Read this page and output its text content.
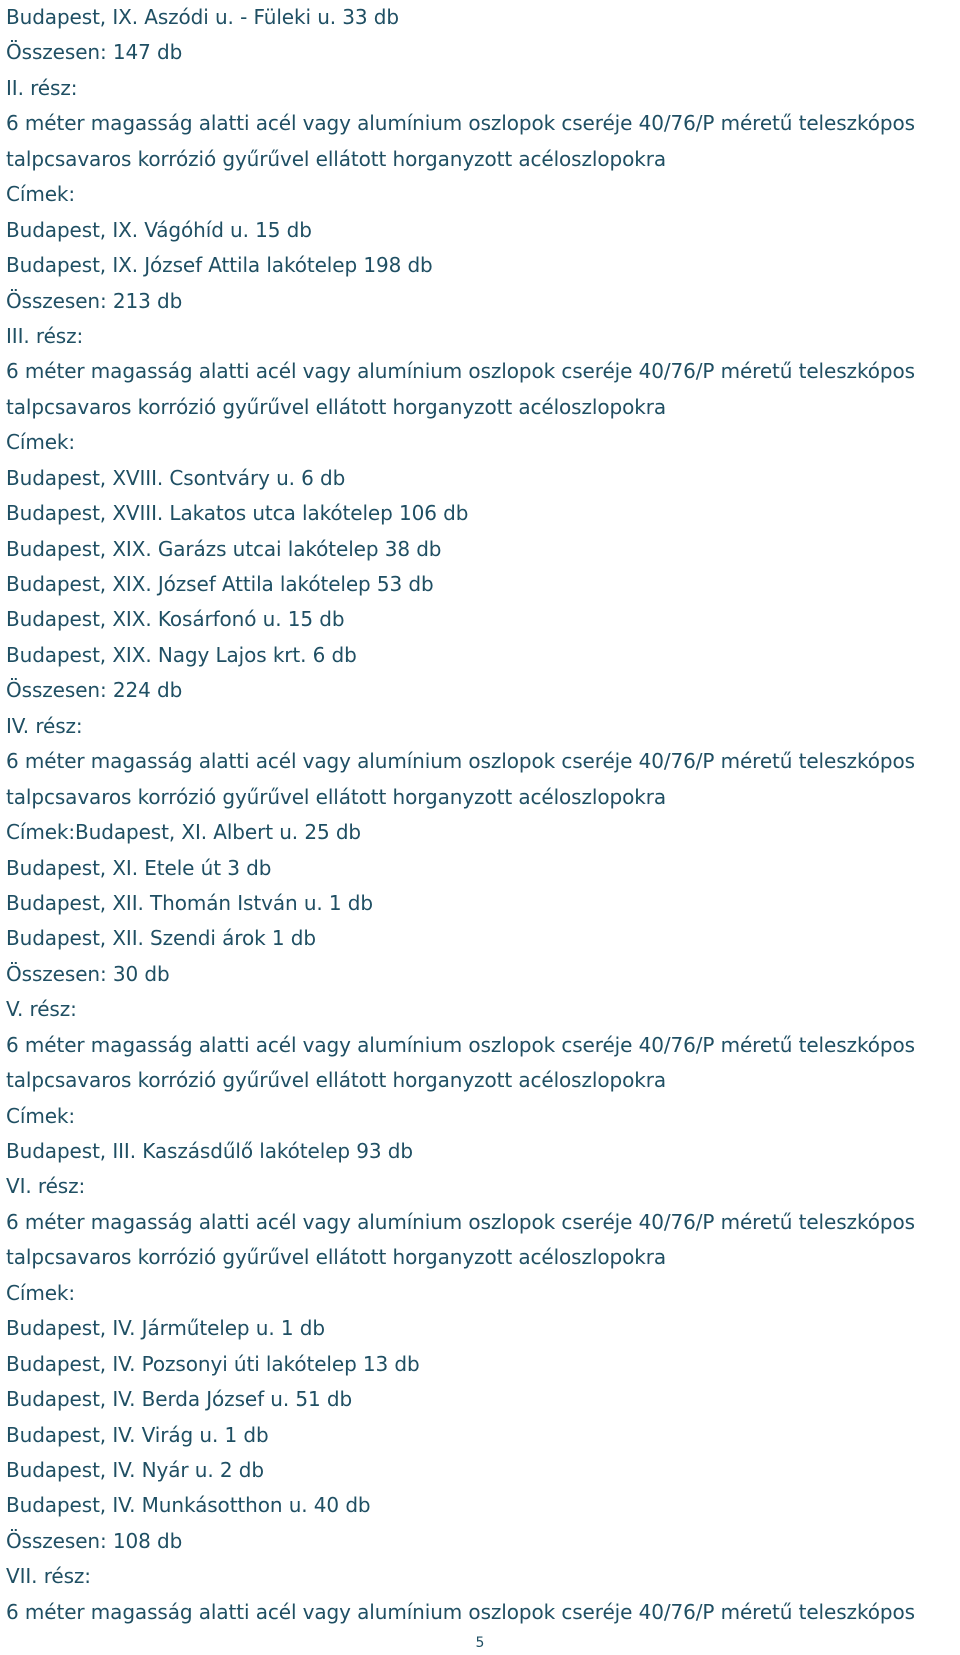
Budapest, IX. Aszódi u. - Füleki u. 33 db
Összesen: 147 db
II. rész:
6 méter magasság alatti acél vagy alumínium oszlopok cseréje 40/76/P méretű teleszkópos
talpcsavaros korrózió gyűrűvel ellátott horganyzott acéloszlopokra
Címek:
Budapest, IX. Vágóhíd u. 15 db
Budapest, IX. József Attila lakótelep 198 db
Összesen: 213 db
III. rész:
6 méter magasság alatti acél vagy alumínium oszlopok cseréje 40/76/P méretű teleszkópos
talpcsavaros korrózió gyűrűvel ellátott horganyzott acéloszlopokra
Címek:
Budapest, XVIII. Csontváry u. 6 db
Budapest, XVIII. Lakatos utca lakótelep 106 db
Budapest, XIX. Garázs utcai lakótelep 38 db
Budapest, XIX. József Attila lakótelep 53 db
Budapest, XIX. Kosárfonó u. 15 db
Budapest, XIX. Nagy Lajos krt. 6 db
Összesen: 224 db
IV. rész:
6 méter magasság alatti acél vagy alumínium oszlopok cseréje 40/76/P méretű teleszkópos
talpcsavaros korrózió gyűrűvel ellátott horganyzott acéloszlopokra
Címek:Budapest, XI. Albert u. 25 db
Budapest, XI. Etele út 3 db
Budapest, XII. Thomán István u. 1 db
Budapest, XII. Szendi árok 1 db
Összesen: 30 db
V. rész:
6 méter magasság alatti acél vagy alumínium oszlopok cseréje 40/76/P méretű teleszkópos
talpcsavaros korrózió gyűrűvel ellátott horganyzott acéloszlopokra
Címek:
Budapest, III. Kaszásdűlő lakótelep 93 db
VI. rész:
6 méter magasság alatti acél vagy alumínium oszlopok cseréje 40/76/P méretű teleszkópos
talpcsavaros korrózió gyűrűvel ellátott horganyzott acéloszlopokra
Címek:
Budapest, IV. Járműtelep u. 1 db
Budapest, IV. Pozsonyi úti lakótelep 13 db
Budapest, IV. Berda József u. 51 db
Budapest, IV. Virág u. 1 db
Budapest, IV. Nyár u. 2 db
Budapest, IV. Munkásotthon u. 40 db
Összesen: 108 db
VII. rész:
6 méter magasság alatti acél vagy alumínium oszlopok cseréje 40/76/P méretű teleszkópos
5
